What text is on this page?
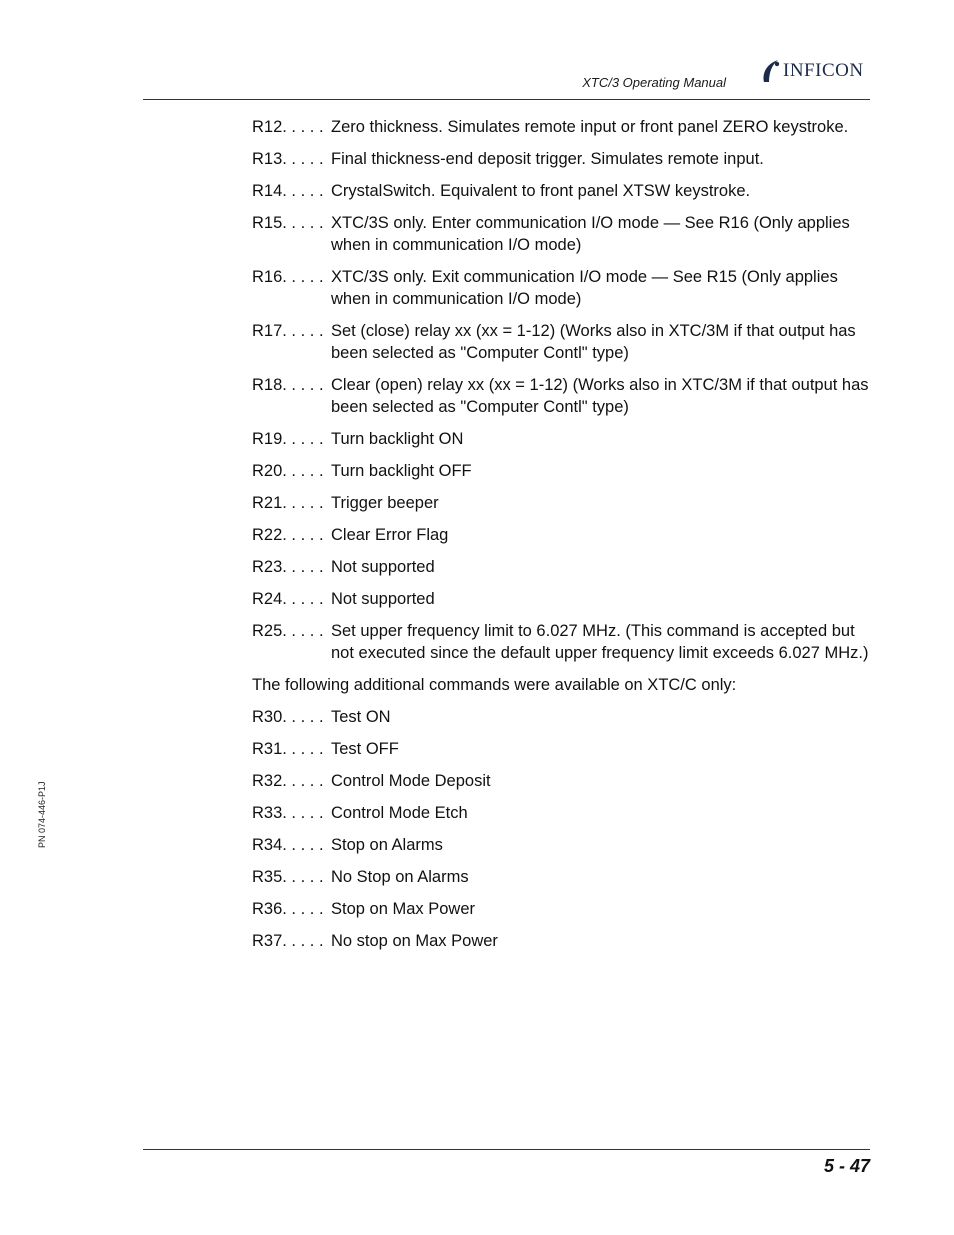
XTC/3 Operating Manual
INFICON
R12. . . . . Zero thickness. Simulates remote input or front panel ZERO keystroke.
R13. . . . . Final thickness-end deposit trigger. Simulates remote input.
R14. . . . . CrystalSwitch. Equivalent to front panel XTSW keystroke.
R15. . . . . XTC/3S only. Enter communication I/O mode — See R16 (Only applies when in communication I/O mode)
R16. . . . . XTC/3S only. Exit communication I/O mode — See R15 (Only applies when in communication I/O mode)
R17. . . . . Set (close) relay xx (xx = 1-12) (Works also in XTC/3M if that output has been selected as "Computer Contl" type)
R18. . . . . Clear (open) relay xx (xx = 1-12) (Works also in XTC/3M if that output has been selected as "Computer Contl" type)
R19. . . . . Turn backlight ON
R20. . . . . Turn backlight OFF
R21. . . . . Trigger beeper
R22. . . . . Clear Error Flag
R23. . . . . Not supported
R24. . . . . Not supported
R25. . . . . Set upper frequency limit to 6.027 MHz. (This command is accepted but not executed since the default upper frequency limit exceeds 6.027 MHz.)
The following additional commands were available on XTC/C only:
R30. . . . . Test ON
R31. . . . . Test OFF
R32. . . . . Control Mode Deposit
R33. . . . . Control Mode Etch
R34. . . . . Stop on Alarms
R35. . . . . No Stop on Alarms
R36. . . . . Stop on Max Power
R37. . . . . No stop on Max Power
PN 074-446-P1J
5 - 47
